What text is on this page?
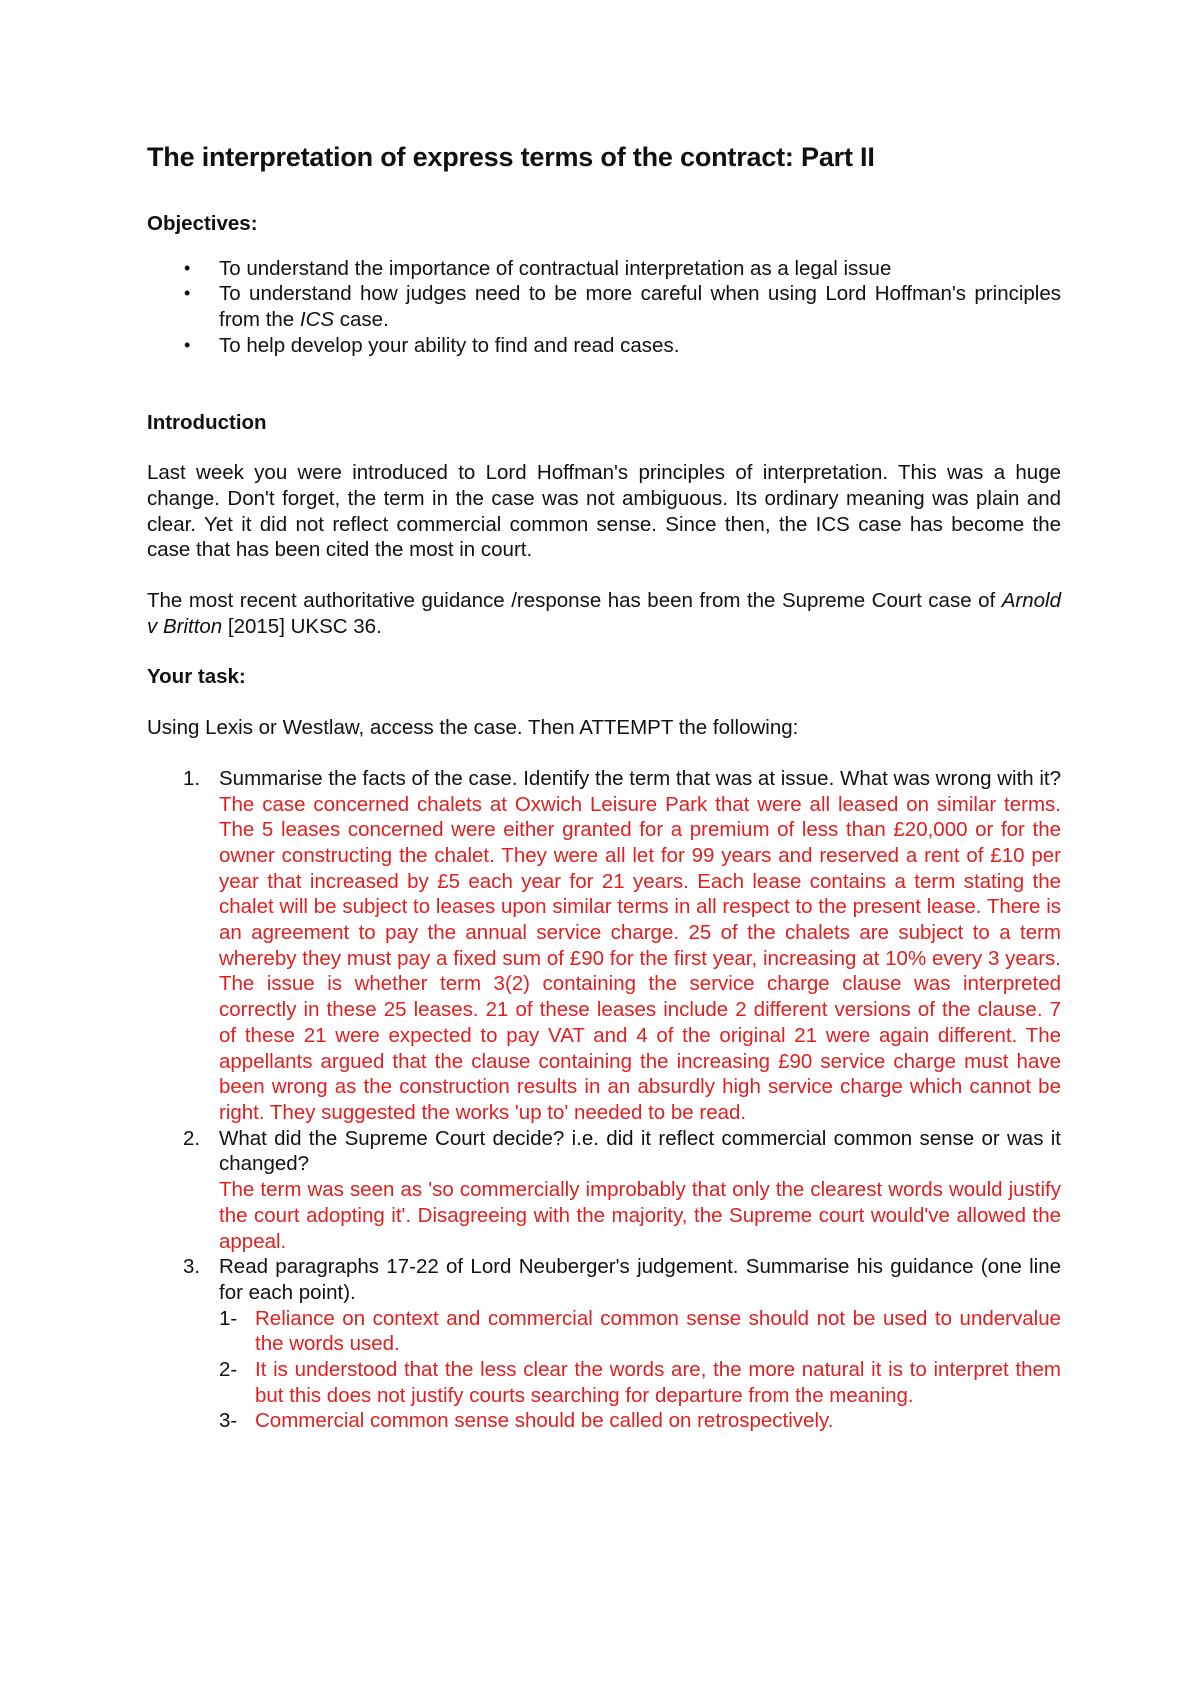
The interpretation of express terms of the contract: Part II
Objectives:
• To understand the importance of contractual interpretation as a legal issue
• To understand how judges need to be more careful when using Lord Hoffman's principles from the ICS case.
• To help develop your ability to find and read cases.
Introduction

Last week you were introduced to Lord Hoffman's principles of interpretation. This was a huge change. Don't forget, the term in the case was not ambiguous. Its ordinary meaning was plain and clear. Yet it did not reflect commercial common sense. Since then, the ICS case has become the case that has been cited the most in court.

The most recent authoritative guidance /response has been from the Supreme Court case of Arnold v Britton [2015] UKSC 36.

Your task:

Using Lexis or Westlaw, access the case. Then ATTEMPT the following:

1. Summarise the facts of the case. Identify the term that was at issue. What was wrong with it?
The case concerned chalets at Oxwich Leisure Park that were all leased on similar terms. The 5 leases concerned were either granted for a premium of less than £20,000 or for the owner constructing the chalet. They were all let for 99 years and reserved a rent of £10 per year that increased by £5 each year for 21 years. Each lease contains a term stating the chalet will be subject to leases upon similar terms in all respect to the present lease. There is an agreement to pay the annual service charge. 25 of the chalets are subject to a term whereby they must pay a fixed sum of £90 for the first year, increasing at 10% every 3 years. The issue is whether term 3(2) containing the service charge clause was interpreted correctly in these 25 leases. 21 of these leases include 2 different versions of the clause. 7 of these 21 were expected to pay VAT and 4 of the original 21 were again different. The appellants argued that the clause containing the increasing £90 service charge must have been wrong as the construction results in an absurdly high service charge which cannot be right. They suggested the works 'up to' needed to be read.
2. What did the Supreme Court decide? i.e. did it reflect commercial common sense or was it changed?
The term was seen as 'so commercially improbably that only the clearest words would justify the court adopting it'. Disagreeing with the majority, the Supreme court would've allowed the appeal.
3. Read paragraphs 17-22 of Lord Neuberger's judgement. Summarise his guidance (one line for each point).
1- Reliance on context and commercial common sense should not be used to undervalue the words used.
2- It is understood that the less clear the words are, the more natural it is to interpret them but this does not justify courts searching for departure from the meaning.
3- Commercial common sense should be called on retrospectively.
